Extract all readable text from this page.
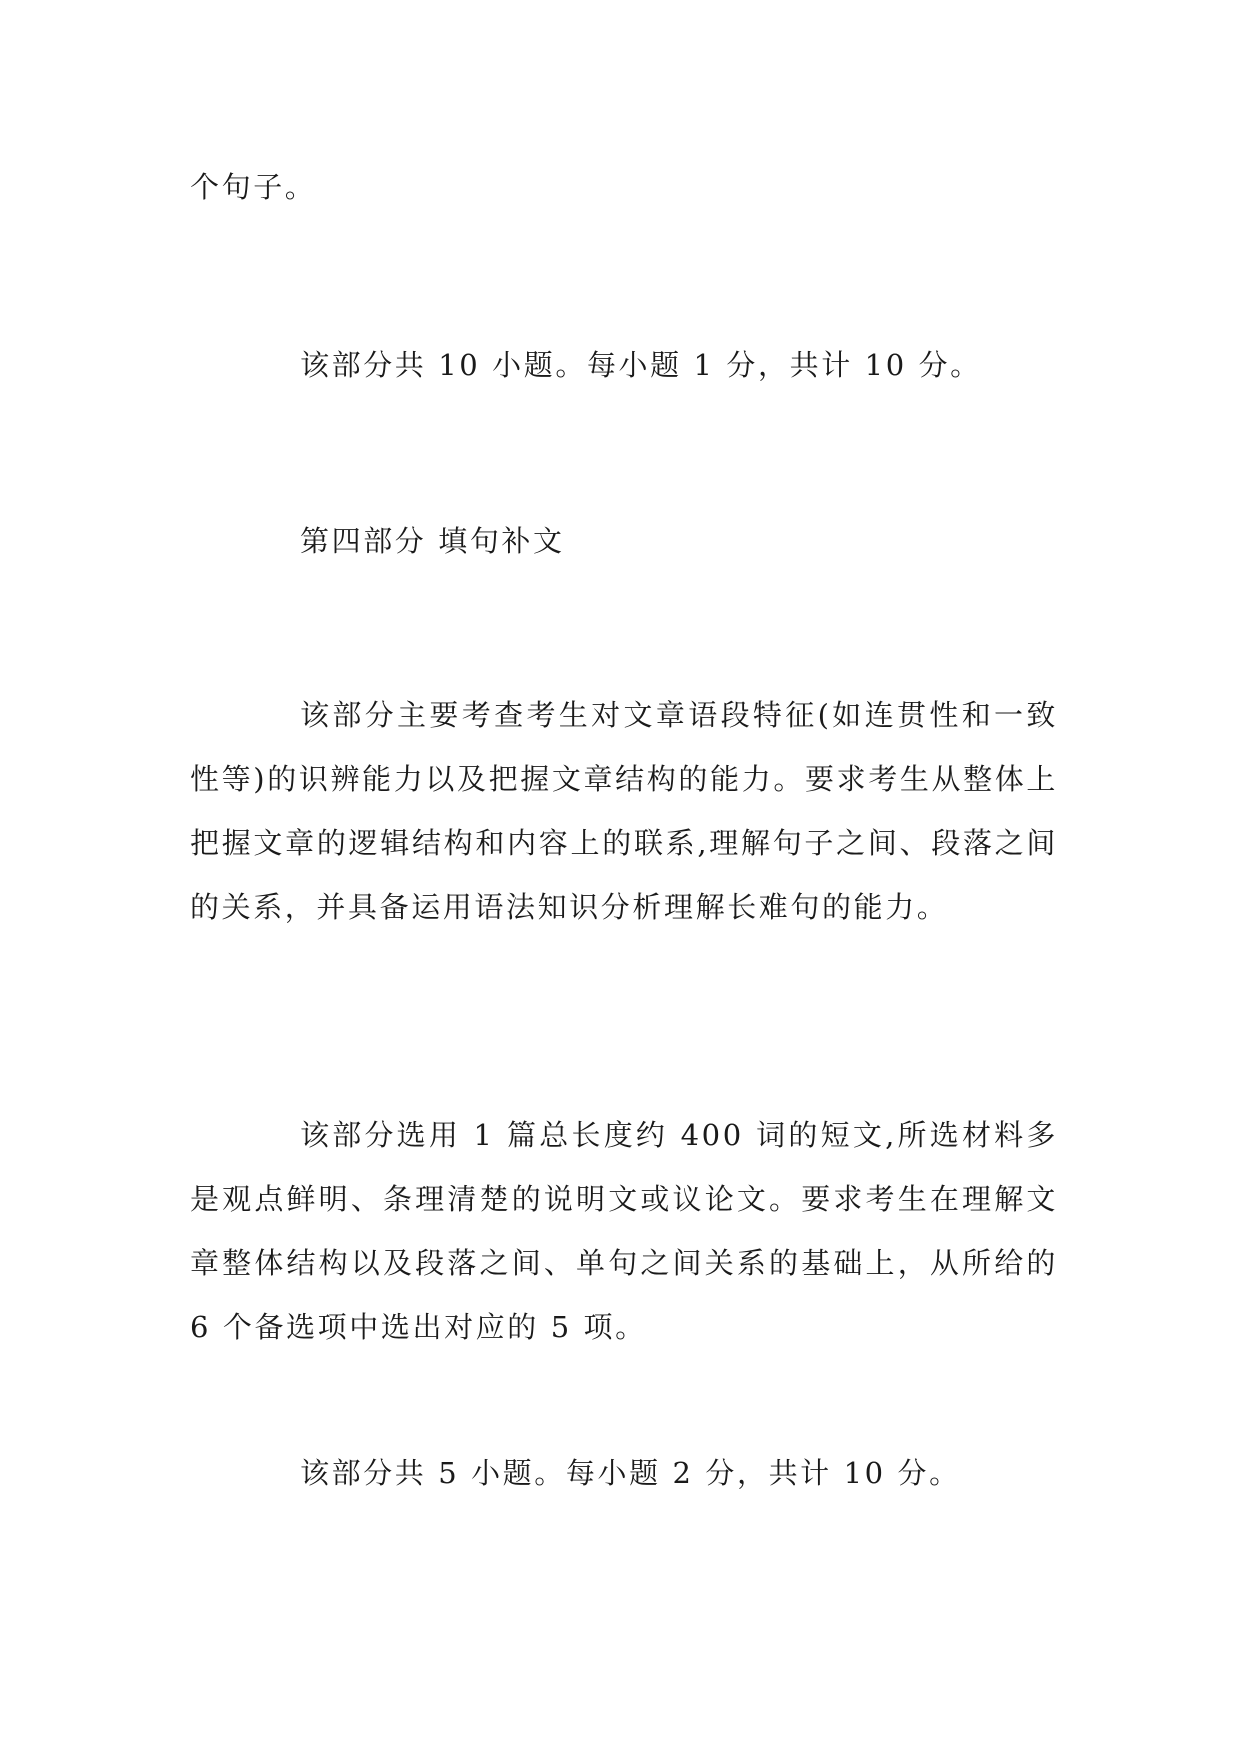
个句子。

该部分共 10 小题。每小题 1 分，共计 10 分。

第四部分 填句补文

该部分主要考查考生对文章语段特征(如连贯性和一致性等)的识辨能力以及把握文章结构的能力。要求考生从整体上把握文章的逻辑结构和内容上的联系,理解句子之间、段落之间的关系，并具备运用语法知识分析理解长难句的能力。

该部分选用 1 篇总长度约 400 词的短文,所选材料多是观点鲜明、条理清楚的说明文或议论文。要求考生在理解文章整体结构以及段落之间、单句之间关系的基础上，从所给的 6 个备选项中选出对应的 5 项。

该部分共 5 小题。每小题 2 分，共计 10 分。
